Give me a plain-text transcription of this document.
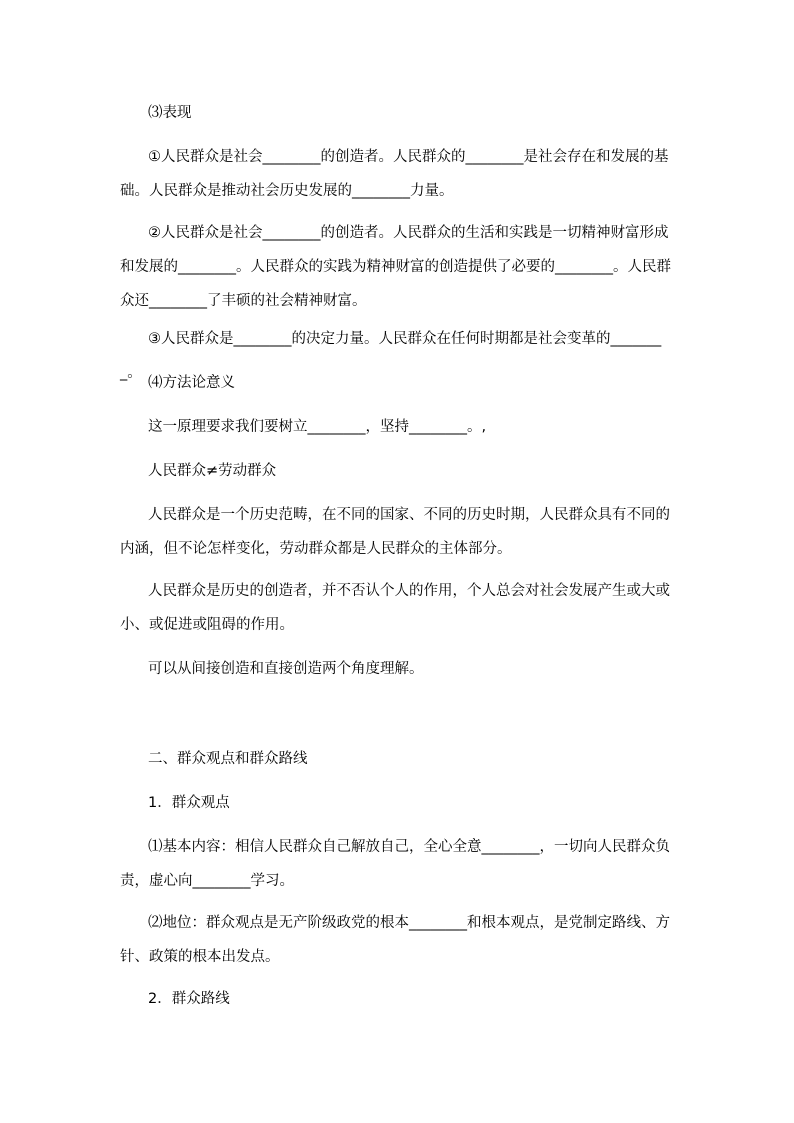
⑶表现

①人民群众是社会________的创造者。人民群众的________是社会存在和发展的基础。人民群众是推动社会历史发展的________力量。

②人民群众是社会________的创造者。人民群众的生活和实践是一切精神财富形成和发展的________。人民群众的实践为精神财富的创造提供了必要的________。人民群众还________了丰硕的社会精神财富。

③人民群众是________的决定力量。人民群众在任何时期都是社会变革的________。

⑷方法论意义

这一原理要求我们要树立________，坚持________。,

人民群众≠劳动群众

人民群众是一个历史范畴，在不同的国家、不同的历史时期，人民群众具有不同的内涵，但不论怎样变化，劳动群众都是人民群众的主体部分。

人民群众是历史的创造者，并不否认个人的作用，个人总会对社会发展产生或大或小、或促进或阻碍的作用。

可以从间接创造和直接创造两个角度理解。

二、群众观点和群众路线

1．群众观点

⑴基本内容：相信人民群众自己解放自己，全心全意________，一切向人民群众负责，虚心向________学习。

⑵地位：群众观点是无产阶级政党的根本________和根本观点，是党制定路线、方针、政策的根本出发点。

2．群众路线
